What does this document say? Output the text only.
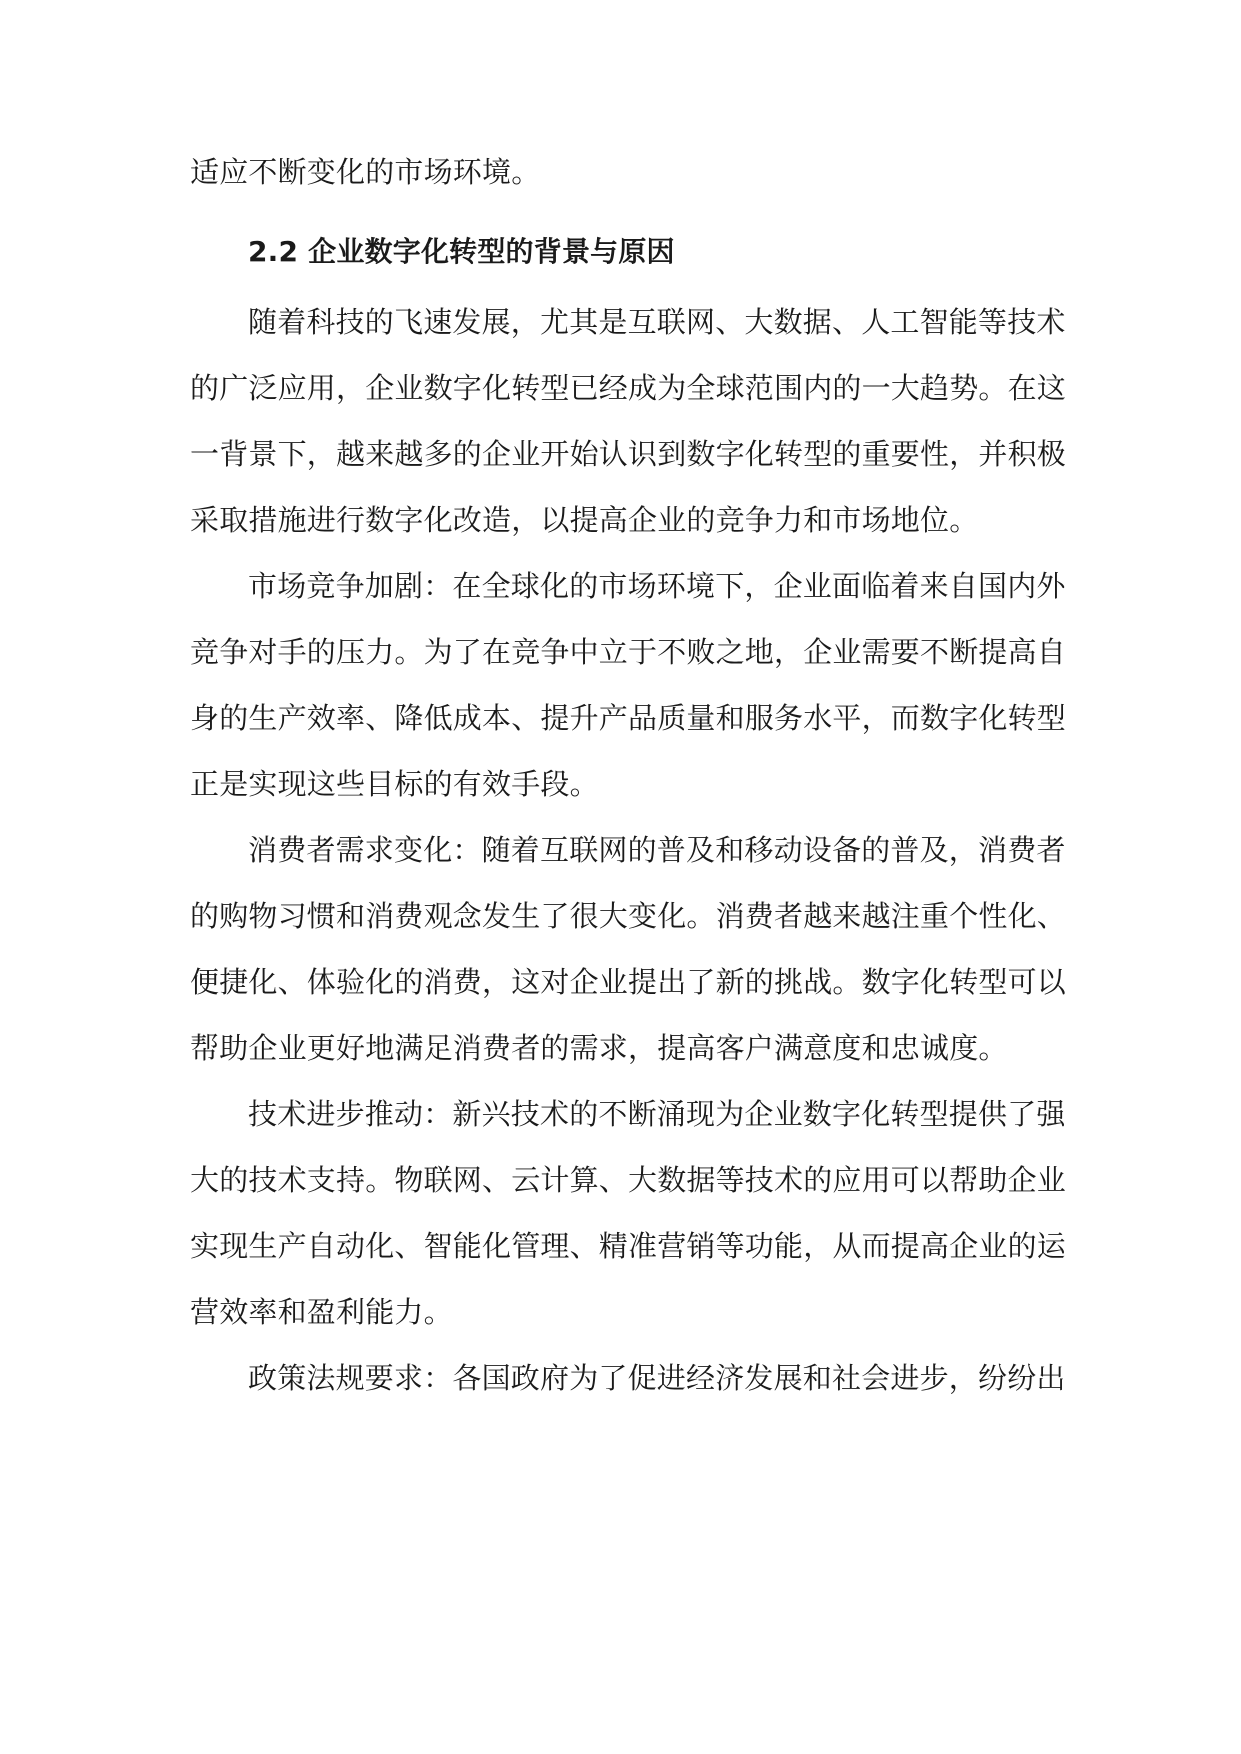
适应不断变化的市场环境。
2.2 企业数字化转型的背景与原因
随着科技的飞速发展，尤其是互联网、大数据、人工智能等技术
的广泛应用，企业数字化转型已经成为全球范围内的一大趋势。在这
一背景下，越来越多的企业开始认识到数字化转型的重要性，并积极
采取措施进行数字化改造，以提高企业的竞争力和市场地位。
市场竞争加剧：在全球化的市场环境下，企业面临着来自国内外
竞争对手的压力。为了在竞争中立于不败之地，企业需要不断提高自
身的生产效率、降低成本、提升产品质量和服务水平，而数字化转型
正是实现这些目标的有效手段。
消费者需求变化：随着互联网的普及和移动设备的普及，消费者
的购物习惯和消费观念发生了很大变化。消费者越来越注重个性化、
便捷化、体验化的消费，这对企业提出了新的挑战。数字化转型可以
帮助企业更好地满足消费者的需求，提高客户满意度和忠诚度。
技术进步推动：新兴技术的不断涌现为企业数字化转型提供了强
大的技术支持。物联网、云计算、大数据等技术的应用可以帮助企业
实现生产自动化、智能化管理、精准营销等功能，从而提高企业的运
营效率和盈利能力。
政策法规要求：各国政府为了促进经济发展和社会进步，纷纷出
